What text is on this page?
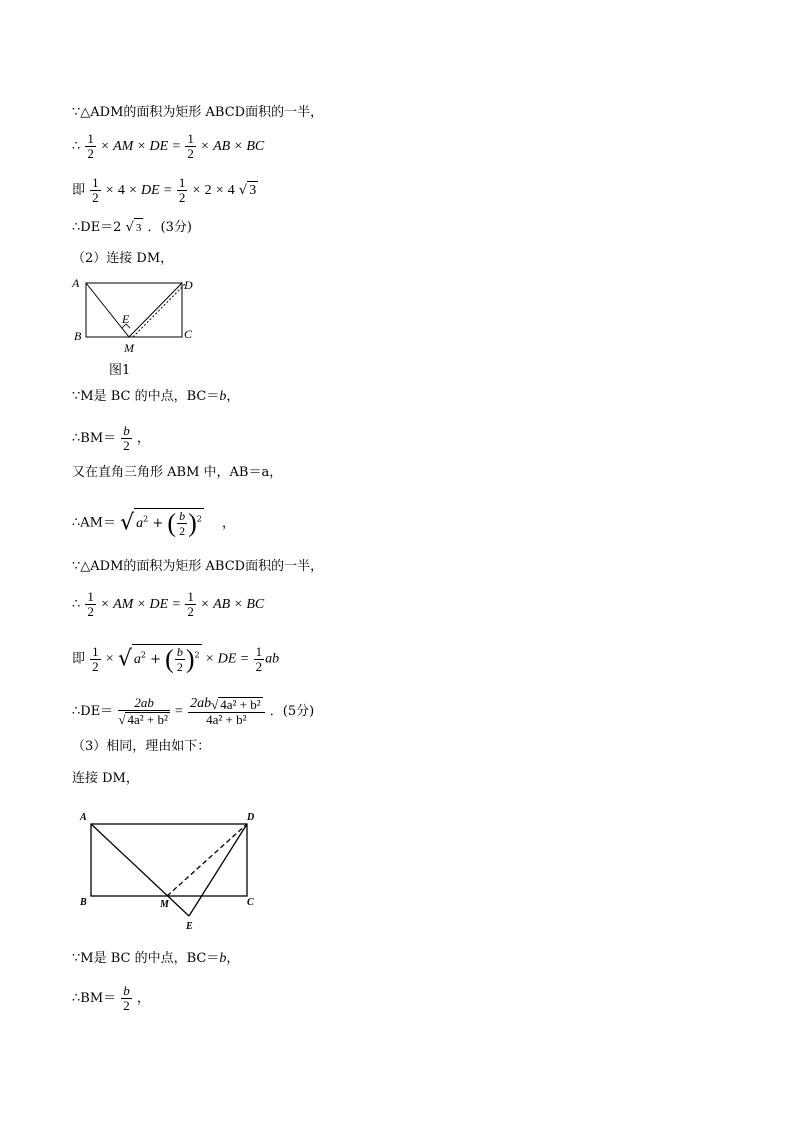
∵△ADM的面积为矩形 ABCD面积的一半，
∴ $\frac{1}{2}$ × AM × DE = $\frac{1}{2}$ × AB × BC
即 $\frac{1}{2} \times 4$ × DE = $\frac{1}{2} \times 2 \times 4$ √ 3
∴DE＝2 √ 3 ．(3分)
（2）连接 DM，
A	D
B	C
E
M
图1
∵M是 BC 的中点，BC＝b，
∴BM＝ $\frac{b}{2}$ ，
又在直角三角形 ABM 中，AB＝a，
∴AM＝ √ $a^2$ + ( $\frac{b}{2} )^2$ ，
∵△ADM的面积为矩形 ABCD面积的一半，
∴ $\frac{1}{2}$ × AM × DE = $\frac{1}{2}$ × AB × BC
即 $\frac{1}{2}$ × √ $a^2$ + ( $\frac{b}{2} )^2$ × DE = $\frac{1}{2}$ ab
∴DE＝ $\frac{2ab}{\text{√ 4a² + b²}} = \frac{\text{2ab√ 4a² + b²}}{\text{4a² + b²}}$ ．(5分)
（3）相同，理由如下：
连接 DM，
A	D
B	C
M
E
∵M是 BC 的中点，BC＝b，
∴BM＝ $\frac{b}{2}$ ，
